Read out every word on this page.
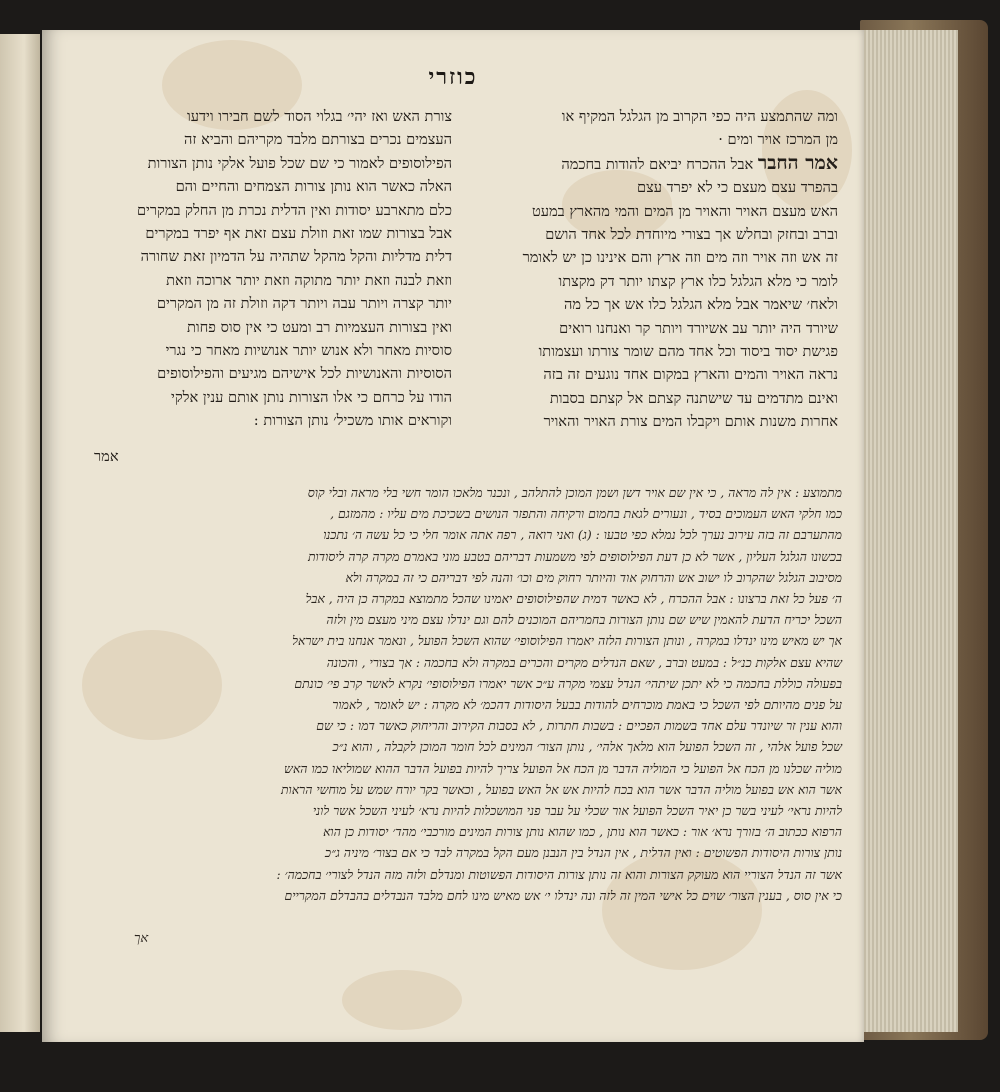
כוזרי

ומה שהתמצע היה כפי הקרוב מן הגלגל המקיף או

מן המרכז אויר ומים ·

אמר החבר אבל ההכרח יביאם להודות בחכמה

בהפרד עצם מעצם כי לא יפרד עצם

האש מעצם האויר והאויר מן המים והמי מהארץ במעט

וברב ובחזק ובחלש אך בצורי מיוחדת לכל אחד הושם

זה אש וזה אויר וזה מים וזה ארץ והם אינינו כן יש לאומר

לומר כי מלא הגלגל כלו ארץ קצתו יותר דק מקצתו

ולאח׳ שיאמר אבל מלא הגלגל כלו אש אך כל מה

שיורד היה יותר עב אשיורד ויותר קר ואנחנו רואים

פגישת יסוד ביסוד וכל אחד מהם שומר צורתו ועצמותו

נראה האויר והמים והארץ במקום אחד נוגעים זה בזה

ואינם מתדמים עד שישתנה קצתם אל קצתם בסבות

אחרות משנות אותם ויקבלו המים צורת האויר והאויר

צורת האש ואז יהי׳ בגלוי הסוד לשם חבירו וידעו

העצמים נכרים בצורתם מלבד מקריהם והביא זה

הפילוסופים לאמור כי שם שכל פועל אלקי נותן הצורות

האלה כאשר הוא נותן צורות הצמחים והחיים והם

כלם מתארבע יסודות ואין הדלית נכרת מן החלק במקרים

אבל בצורות שמו זאת וזולת עצם זאת אף יפרד במקרים

דלית מדליות והקל מהקל שתהיה על הדמיון זאת שחורה

וזאת לבנה וזאת יותר מתוקה וזאת יותר ארוכה וזאת

יותר קצרה ויותר עבה ויותר דקה וזולת זה מן המקרים

ואין בצורות העצמיות רב ומעט כי אין סוס פחות

סוסיות מאחר ולא אנוש יותר אנושיות מאחר כי נגרי

הסוסיות והאנושיות לכל אישיהם מגיעים והפילוסופים

הודו על כרחם כי אלו הצורות נותן אותם ענין אלקי

וקוראים אותו משכיל׳ נותן הצורות :

אמר

מתמוצע : אין לה מראה , כי אין שם אויר דשן ושמן המוכן להתלהב , ונכנר מלאכו הומר חשי בלי מראה ובלי קוס

כמו חלקי האש העמוכים בסיד , ונעורים לגאת בחמום ורקיחה והתפזר הנושים בשכיכת מים עליו : מהמזגם ,

מהתערבם זה בזה עירוב נערך לכל נמלא כפי טבעו : (ג) ואני רואה , רפה אתה אומר חלי כי כל עשה ה׳ נתכנו

בכשונו הגלגל העליון , אשר לא כן דעת הפילוסופים לפי משמעות דבריהם בטבע מוני באמרם מקרה קרה ליסודות

מסיבוב הגלגל שהקרוב לו ישוב אש והרחוק אוד והיותר רחוק מים וכו׳ והנה לפי דבריהם כי זה במקרה ולא

ה׳ פעל כל זאת ברצונו : אבל ההכרח , לא כאשר דמית שהפילוסופים יאמינו שהכל מתמוצא במקרה כן היה , אבל

השכל יכריח הדעת להאמין שיש שם נותן הצורות בחמריהם המוכנים להם וגם ינדלו עצם מיני מעצם מין ולזה

אך יש מאיש מינו ינדלו במקרה , ונותן הצורות הלזה יאמרו הפילוסופי׳ שהוא השכל הפועל , ונאמר אנחנו בית ישראל

שהיא עצם אלקות כנ״ל : במעט וברב , שאם הנדלים מקרים והכרים במקרה ולא בחכמה : אך בצורי , והכונה

בפעולה כוללת בחכמה כי לא יתכן שיתהי׳ הנדל עצמי מקרה ע״כ אשר יאמרו הפילוסופי׳ נקרא לאשר קרב פי׳ כונתם

על פנים מהיותם לפי השכל כי באמת מוכרחים להודות בבעל היסודות דהכמ׳ לא מקרה : יש לאומר , לאמור

והוא ענין זר שיונדר עלם אחד בשמות הפכיים : בשבות חתרות , לא בסבות הקירוב והריחוק כאשר דמו : כי שם

שכל פועל אלהי , זה השכל הפועל הוא מלאך אלהי׳ , נותן הצור׳ המינים לכל חומר המוכן לקבלה , והוא נ״כ

מוליה שכלנו מן הכח אל הפועל כי המוליה הדבר מן הכח אל הפועל צריך להיות בפועל הדבר ההוא שמוליאו כמו האש

אשר הוא אש בפועל מוליה הדבר אשר הוא בכח להיות אש אל האש בפועל , וכאשר בקר יורח שמש על מוחשי הראות

להיות נראי׳ לעיני בשר כן יאיר השכל הפועל אור שכלי על עבר פני המושכלות להיות נרא׳ לעיני השכל אשר לוני

הרפוא ככתוב ה׳ בזורך נרא׳ אור : כאשר הוא נותן , כמו שהוא נותן צורות המינים מורכבי׳ מהד׳ יסודות כן הוא

נותן צורות היסודות הפשוטים : ואין הדלית , אין הנדל בין הנבנן מעם הקל במקרה לבד כי אם בצור׳ מיניה ג״כ

אשר זה הנדל הצוריי הוא מעוקק הצורות והוא זה נותן צורות היסודות הפשוטות ומנדלם ולזה מזה הנדל לצורי׳ בחכמה׳ :

כי אין סוס , בענין הצור׳ שוים כל אישי המין זה לזה ונה ינדלו י׳ אש מאיש מינו לחם מלבד הנבדלים בהבדלם המקריים

אך
